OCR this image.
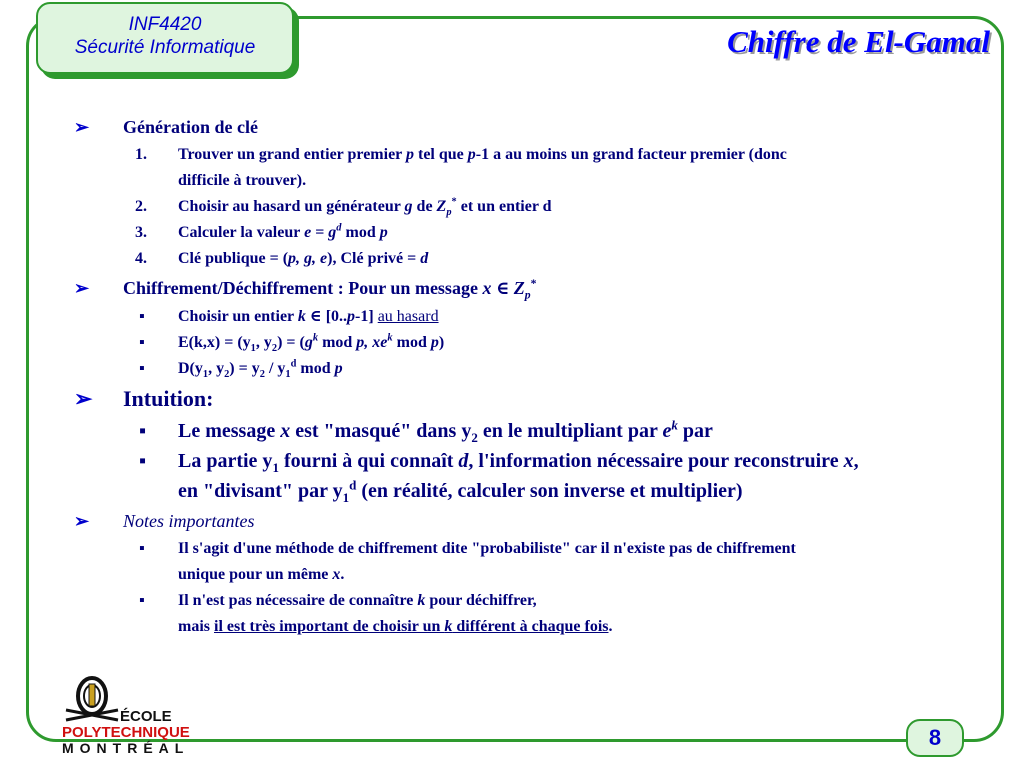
INF4420
Sécurité Informatique	Chiffre de El-Gamal
➢ Génération de clé
1. Trouver un grand entier premier p tel que p-1 a au moins un grand facteur premier (donc
difficile à trouver).
2. Choisir au hasard un générateur g de $Z_p^*$ et un entier d
3. Calculer la valeur $e = g^d$ mod p
4. Clé publique = (p, g, e), Clé privé = d
➢ Chiffrement/Déchiffrement : Pour un message x ∈ $Z_p^*$
▪ Choisir un entier k ∈ [0..p-1] au hasard
▪ $E(k,x) = (y_1$, $y_2) = (g^k$ mod p, $xe^k$ mod p)
▪ $D(y_1$, $y_2) = y_2 / y_1^d$ mod p
➢ Intuition:
▪ Le message x est "masqué" dans $y_2$ en le multipliant par $e^k$ par
▪ La partie $y_1$ fourni à qui connaît d, l'information nécessaire pour reconstruire x,
en "divisant" par $y_1^d$ (en réalité, calculer son inverse et multiplier)
➢ Notes importantes
▪ Il s'agit d'une méthode de chiffrement dite "probabiliste" car il n'existe pas de chiffrement
unique pour un même x.
▪ Il n'est pas nécessaire de connaître k pour déchiffrer,
mais il est très important de choisir un k différent à chaque fois.
ÉCOLE
POLYTECHNIQUE
MONTRÉAL	8
